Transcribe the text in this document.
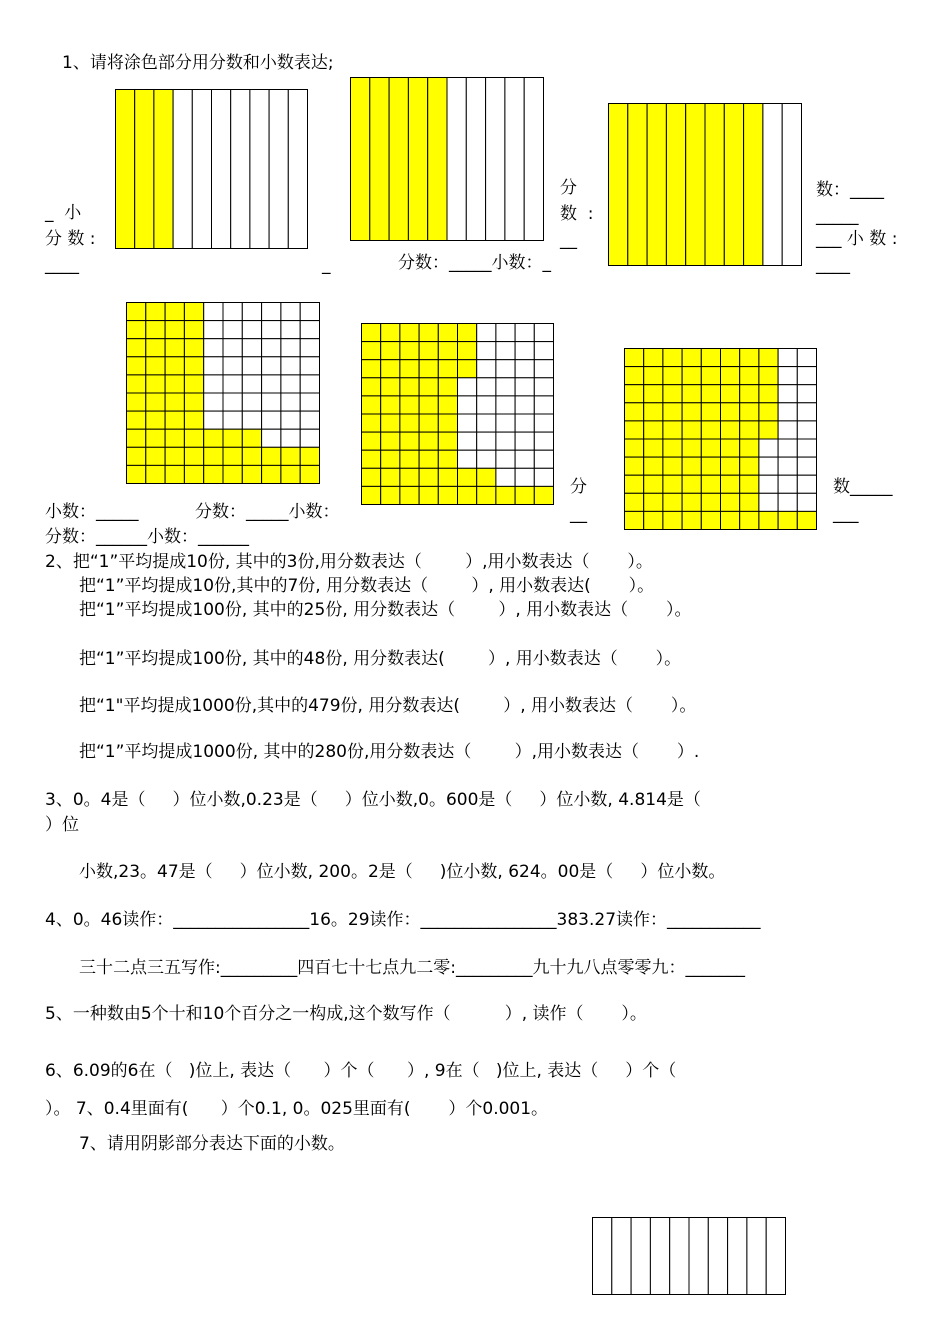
1、请将涂色部分用分数和小数表达;
_  小
分 数 :
____	_	分数：_____小数：_
分
数  :
__
数：____
_____
___ 小 数 :
____
小数：_____	分数：_____小数：
分数：______小数：______
分
__
数_____
___
2、把“1”平均提成10份, 其中的3份,用分数表达（        ）,用小数表达（       ）。
把“1”平均提成10份,其中的7份, 用分数表达（        ）, 用小数表达(       ）。
把“1”平均提成100份, 其中的25份, 用分数表达（        ）, 用小数表达（       ）。
把“1”平均提成100份, 其中的48份, 用分数表达(        ）, 用小数表达（       ）。
把“1"平均提成1000份,其中的479份, 用分数表达(        ）, 用小数表达（       ）。
把“1”平均提成1000份, 其中的280份,用分数表达（        ）,用小数表达（       ）.
3、0。4是（     ）位小数,0.23是（     ）位小数,0。600是（     ）位小数, 4.814是（
）位
小数,23。47是（     ）位小数, 200。2是（     )位小数, 624。00是（     ）位小数。
4、0。46读作：________________16。29读作：________________383.27读作：___________
三十二点三五写作:_________四百七十七点九二零:_________九十九八点零零九：_______
5、一种数由5个十和10个百分之一构成,这个数写作（          ）, 读作（       ）。
6、6.09的6在（   )位上, 表达（      ）个（      ）, 9在（   )位上, 表达（     ）个（
）。 7、0.4里面有(      ）个0.1, 0。025里面有(       ）个0.001。
7、请用阴影部分表达下面的小数。
